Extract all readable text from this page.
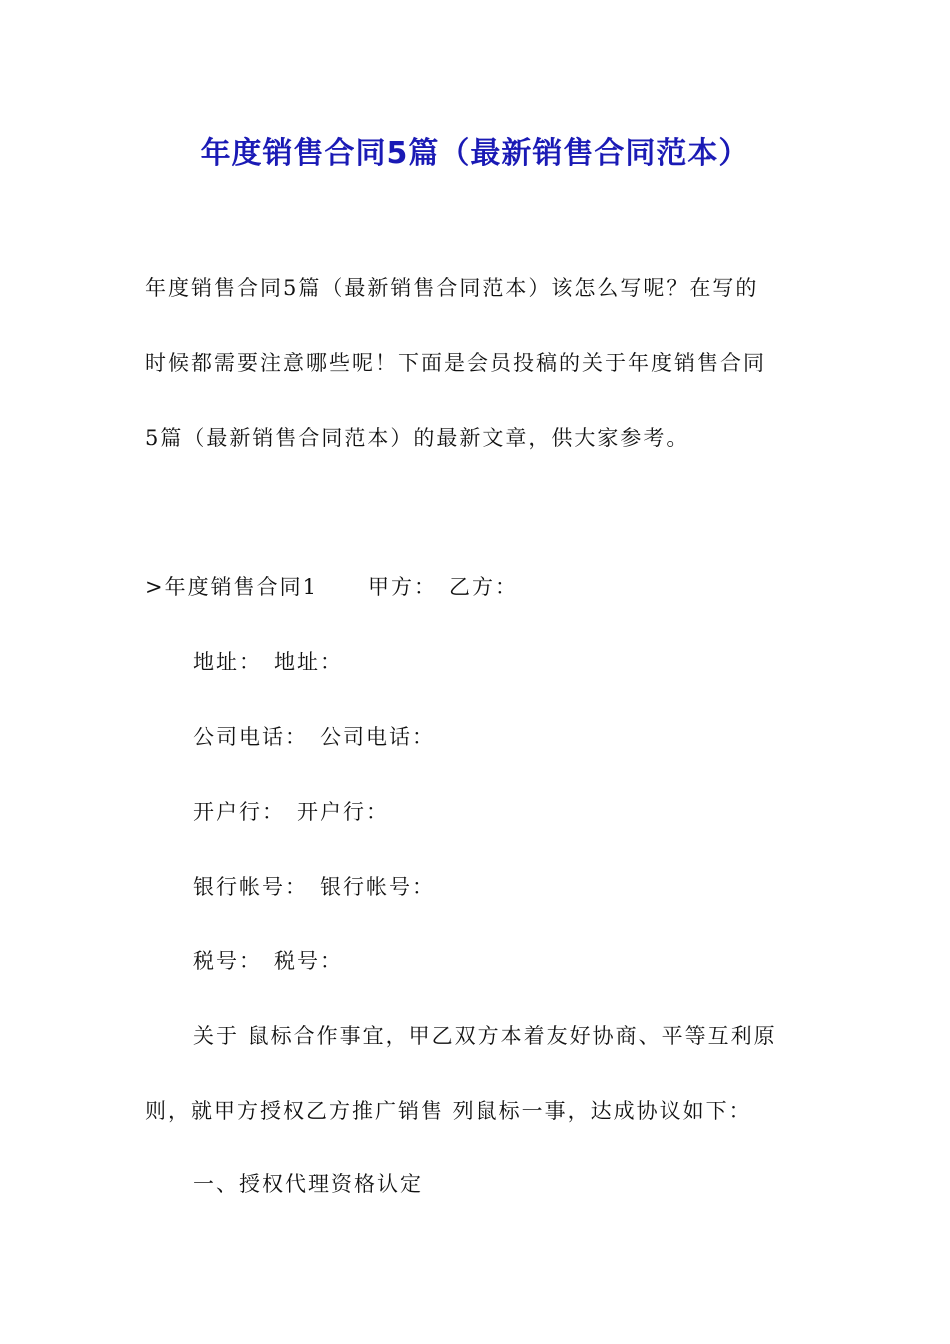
年度销售合同5篇（最新销售合同范本）
年度销售合同5篇（最新销售合同范本）该怎么写呢？在写的
时候都需要注意哪些呢！下面是会员投稿的关于年度销售合同
5篇（最新销售合同范本）的最新文章，供大家参考。
>年度销售合同1 甲方： 乙方：
地址： 地址：
公司电话： 公司电话：
开户行： 开户行：
银行帐号： 银行帐号：
税号： 税号：
关于 鼠标合作事宜，甲乙双方本着友好协商、平等互利原
则，就甲方授权乙方推广销售 列鼠标一事，达成协议如下：
一、授权代理资格认定
